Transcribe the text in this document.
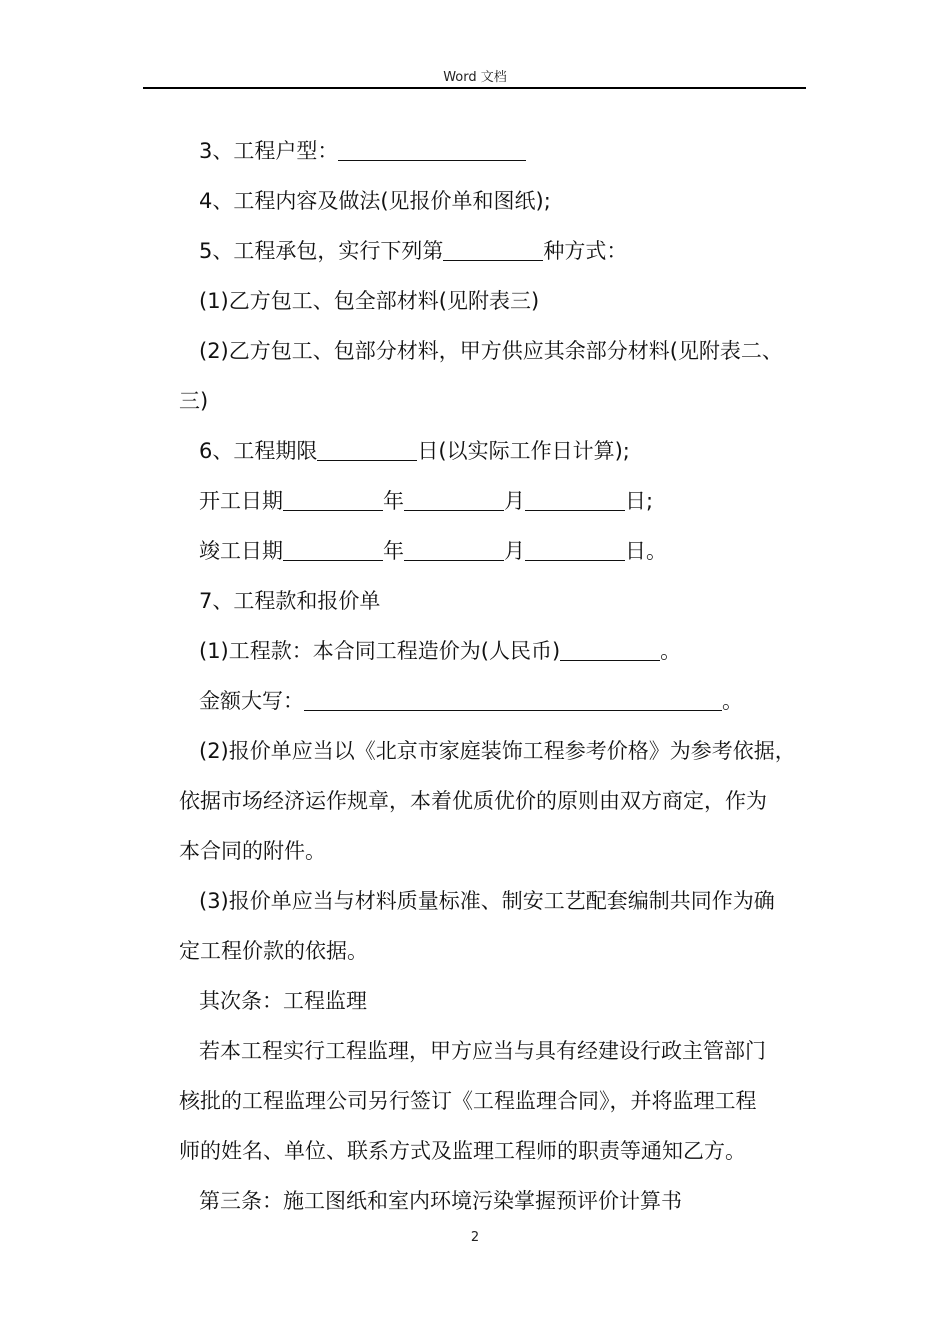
Word 文档
3、工程户型：
4、工程内容及做法(见报价单和图纸);
5、工程承包，实行下列第	种方式：
(1)乙方包工、包全部材料(见附表三)
(2)乙方包工、包部分材料，甲方供应其余部分材料(见附表二、
三)
6、工程期限	日(以实际工作日计算);
开工日期	年	月	日;
竣工日期	年	月	日。
7、工程款和报价单
(1)工程款：本合同工程造价为(人民币)	。
金额大写：	。
(2)报价单应当以《北京市家庭装饰工程参考价格》为参考依据，
依据市场经济运作规章，本着优质优价的原则由双方商定，作为
本合同的附件。
(3)报价单应当与材料质量标准、制安工艺配套编制共同作为确
定工程价款的依据。
其次条：工程监理
若本工程实行工程监理，甲方应当与具有经建设行政主管部门
核批的工程监理公司另行签订《工程监理合同》，并将监理工程
师的姓名、单位、联系方式及监理工程师的职责等通知乙方。
第三条：施工图纸和室内环境污染掌握预评价计算书
2
